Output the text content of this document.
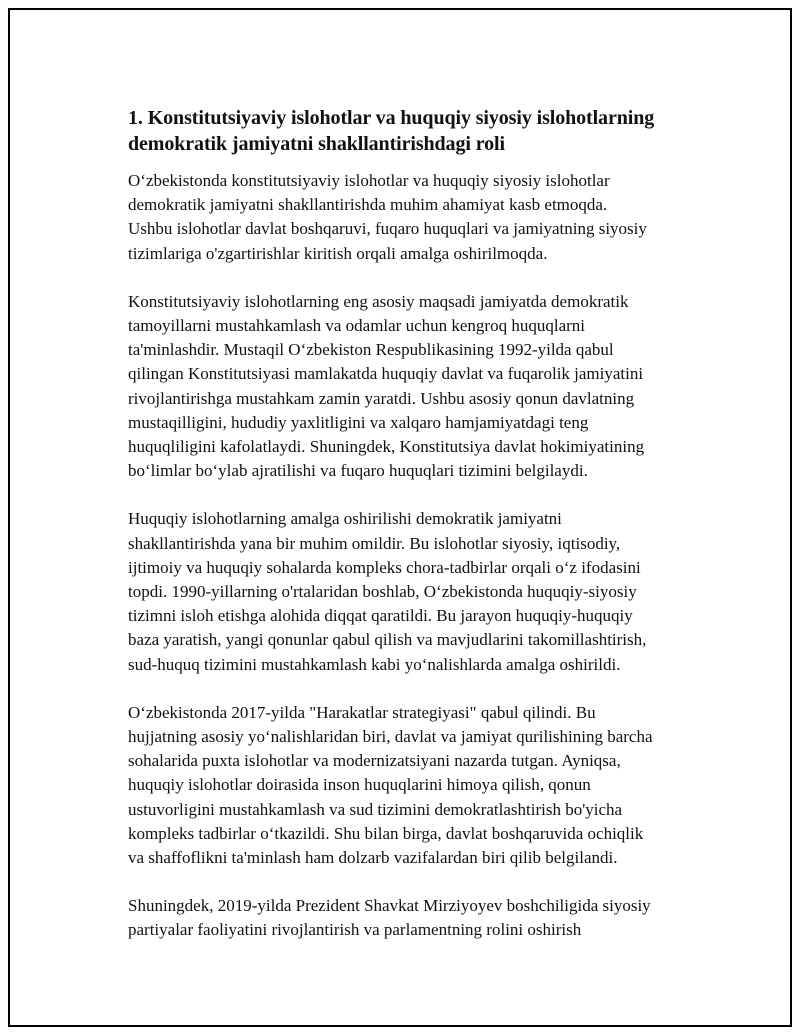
1. Konstitutsiyaviy islohotlar va huquqiy siyosiy islohotlarning
demokratik jamiyatni shakllantirishdagi roli

O‘zbekistonda konstitutsiyaviy islohotlar va huquqiy siyosiy islohotlar
demokratik jamiyatni shakllantirishda muhim ahamiyat kasb etmoqda.
Ushbu islohotlar davlat boshqaruvi, fuqaro huquqlari va jamiyatning siyosiy
tizimlariga o'zgartirishlar kiritish orqali amalga oshirilmoqda.

Konstitutsiyaviy islohotlarning eng asosiy maqsadi jamiyatda demokratik
tamoyillarni mustahkamlash va odamlar uchun kengroq huquqlarni
ta'minlashdir. Mustaqil O‘zbekiston Respublikasining 1992-yilda qabul
qilingan Konstitutsiyasi mamlakatda huquqiy davlat va fuqarolik jamiyatini
rivojlantirishga mustahkam zamin yaratdi. Ushbu asosiy qonun davlatning
mustaqilligini, hududiy yaxlitligini va xalqaro hamjamiyatdagi teng
huquqliligini kafolatlaydi. Shuningdek, Konstitutsiya davlat hokimiyatining
bo‘limlar bo‘ylab ajratilishi va fuqaro huquqlari tizimini belgilaydi.

Huquqiy islohotlarning amalga oshirilishi demokratik jamiyatni
shakllantirishda yana bir muhim omildir. Bu islohotlar siyosiy, iqtisodiy,
ijtimoiy va huquqiy sohalarda kompleks chora-tadbirlar orqali o‘z ifodasini
topdi. 1990-yillarning o'rtalaridan boshlab, O‘zbekistonda huquqiy-siyosiy
tizimni isloh etishga alohida diqqat qaratildi. Bu jarayon huquqiy-huquqiy
baza yaratish, yangi qonunlar qabul qilish va mavjudlarini takomillashtirish,
sud-huquq tizimini mustahkamlash kabi yo‘nalishlarda amalga oshirildi.

O‘zbekistonda 2017-yilda "Harakatlar strategiyasi" qabul qilindi. Bu
hujjatning asosiy yo‘nalishlaridan biri, davlat va jamiyat qurilishining barcha
sohalarida puxta islohotlar va modernizatsiyani nazarda tutgan. Ayniqsa,
huquqiy islohotlar doirasida inson huquqlarini himoya qilish, qonun
ustuvorligini mustahkamlash va sud tizimini demokratlashtirish bo'yicha
kompleks tadbirlar o‘tkazildi. Shu bilan birga, davlat boshqaruvida ochiqlik
va shaffoflikni ta'minlash ham dolzarb vazifalardan biri qilib belgilandi.

Shuningdek, 2019-yilda Prezident Shavkat Mirziyoyev boshchiligida siyosiy
partiyalar faoliyatini rivojlantirish va parlamentning rolini oshirish
